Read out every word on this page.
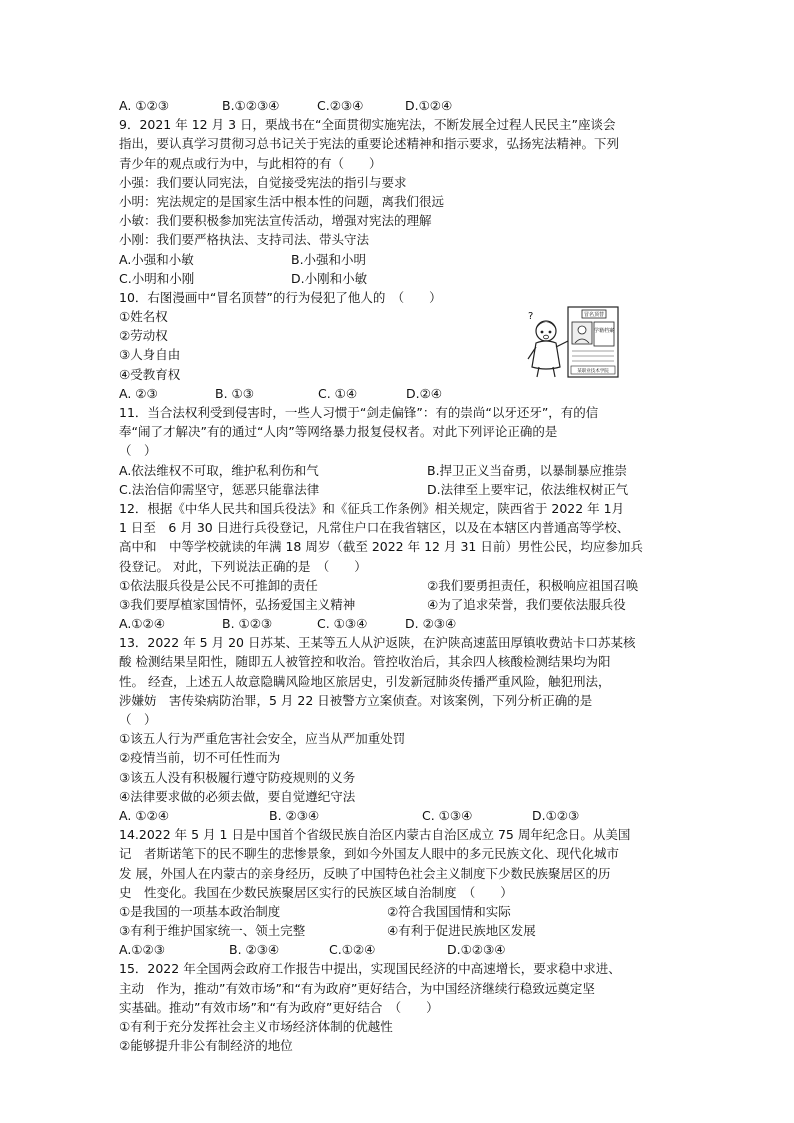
A. ①②③	B.①②③④	C.②③④	D.①②④
9．2021 年 12 月 3 日，栗战书在“全面贯彻实施宪法，不断发展全过程人民民主”座谈会
指出，要认真学习贯彻习总书记关于宪法的重要论述精神和指示要求，弘扬宪法精神。下列
青少年的观点或行为中，与此相符的有（　　）
小强：我们要认同宪法，自觉接受宪法的指引与要求
小明：宪法规定的是国家生活中根本性的问题，离我们很远
小敏：我们要积极参加宪法宣传活动，增强对宪法的理解
小刚：我们要严格执法、支持司法、带头守法
A.小强和小敏	B.小强和小明
C.小明和小刚	D.小刚和小敏
10．右图漫画中“冒名顶替”的行为侵犯了他人的　（　　）
①姓名权
②劳动权
③人身自由
④受教育权
A. ②③	B. ①③	C. ①④	D.②④
11．当合法权利受到侵害时，一些人习惯于“剑走偏锋”：有的崇尚“以牙还牙”，有的信
奉“闹了才解决”有的通过“人肉”等网络暴力报复侵权者。对此下列评论正确的是
（　）
A.依法维权不可取，维护私利伤和气	B.捍卫正义当奋勇，以暴制暴应推崇
C.法治信仰需坚守，惩恶只能靠法律	D.法律至上要牢记，依法维权树正气
12．根据《中华人民共和国兵役法》和《征兵工作条例》相关规定，陕西省于 2022 年 1月
1 日至　6 月 30 日进行兵役登记，凡常住户口在我省辖区，以及在本辖区内普通高等学校、
高中和　中等学校就读的年满 18 周岁（截至 2022 年 12 月 31 日前）男性公民，均应参加兵
役登记。 对此，下列说法正确的是　（　　）
①依法服兵役是公民不可推卸的责任	②我们要勇担责任，积极响应祖国召唤
③我们要厚植家国情怀，弘扬爱国主义精神	④为了追求荣誉，我们要依法服兵役
A.①②④	B. ①②③	C. ①③④	D. ②③④
13．2022 年 5 月 20 日苏某、王某等五人从沪返陕，在沪陕高速蓝田厚镇收费站卡口苏某核
酸 检测结果呈阳性，随即五人被管控和收治。管控收治后，其余四人核酸检测结果均为阳
性。 经查，上述五人故意隐瞒风险地区旅居史，引发新冠肺炎传播严重风险，触犯刑法，
涉嫌妨　害传染病防治罪，5 月 22 日被警方立案侦查。对该案例，下列分析正确的是
（　）
①该五人行为严重危害社会安全，应当从严加重处罚
②疫情当前，切不可任性而为
③该五人没有积极履行遵守防疫规则的义务
④法律要求做的必须去做，要自觉遵纪守法
A. ①②④	B. ②③④	C. ①③④	D.①②③
14.2022 年 5 月 1 日是中国首个省级民族自治区内蒙古自治区成立 75 周年纪念日。从美国
记　者斯诺笔下的民不聊生的悲惨景象，到如今外国友人眼中的多元民族文化、现代化城市
发 展，外国人在内蒙古的亲身经历，反映了中国特色社会主义制度下少数民族聚居区的历
史　性变化。我国在少数民族聚居区实行的民族区域自治制度　（　　）
①是我国的一项基本政治制度	②符合我国国情和实际
③有利于维护国家统一、领土完整	④有利于促进民族地区发展
A.①②③	B. ②③④	C.①②④	D.①②③④
15．2022 年全国两会政府工作报告中提出，实现国民经济的中高速增长，要求稳中求进、
主动　作为，推动”有效市场”和“有为政府”更好结合，为中国经济继续行稳致远奠定坚
实基础。推动”有效市场”和“有为政府”更好结合　（　　）
①有利于充分发挥社会主义市场经济体制的优越性
②能够提升非公有制经济的地位
冒名顶替
学籍档案
某职业技术学院
?
